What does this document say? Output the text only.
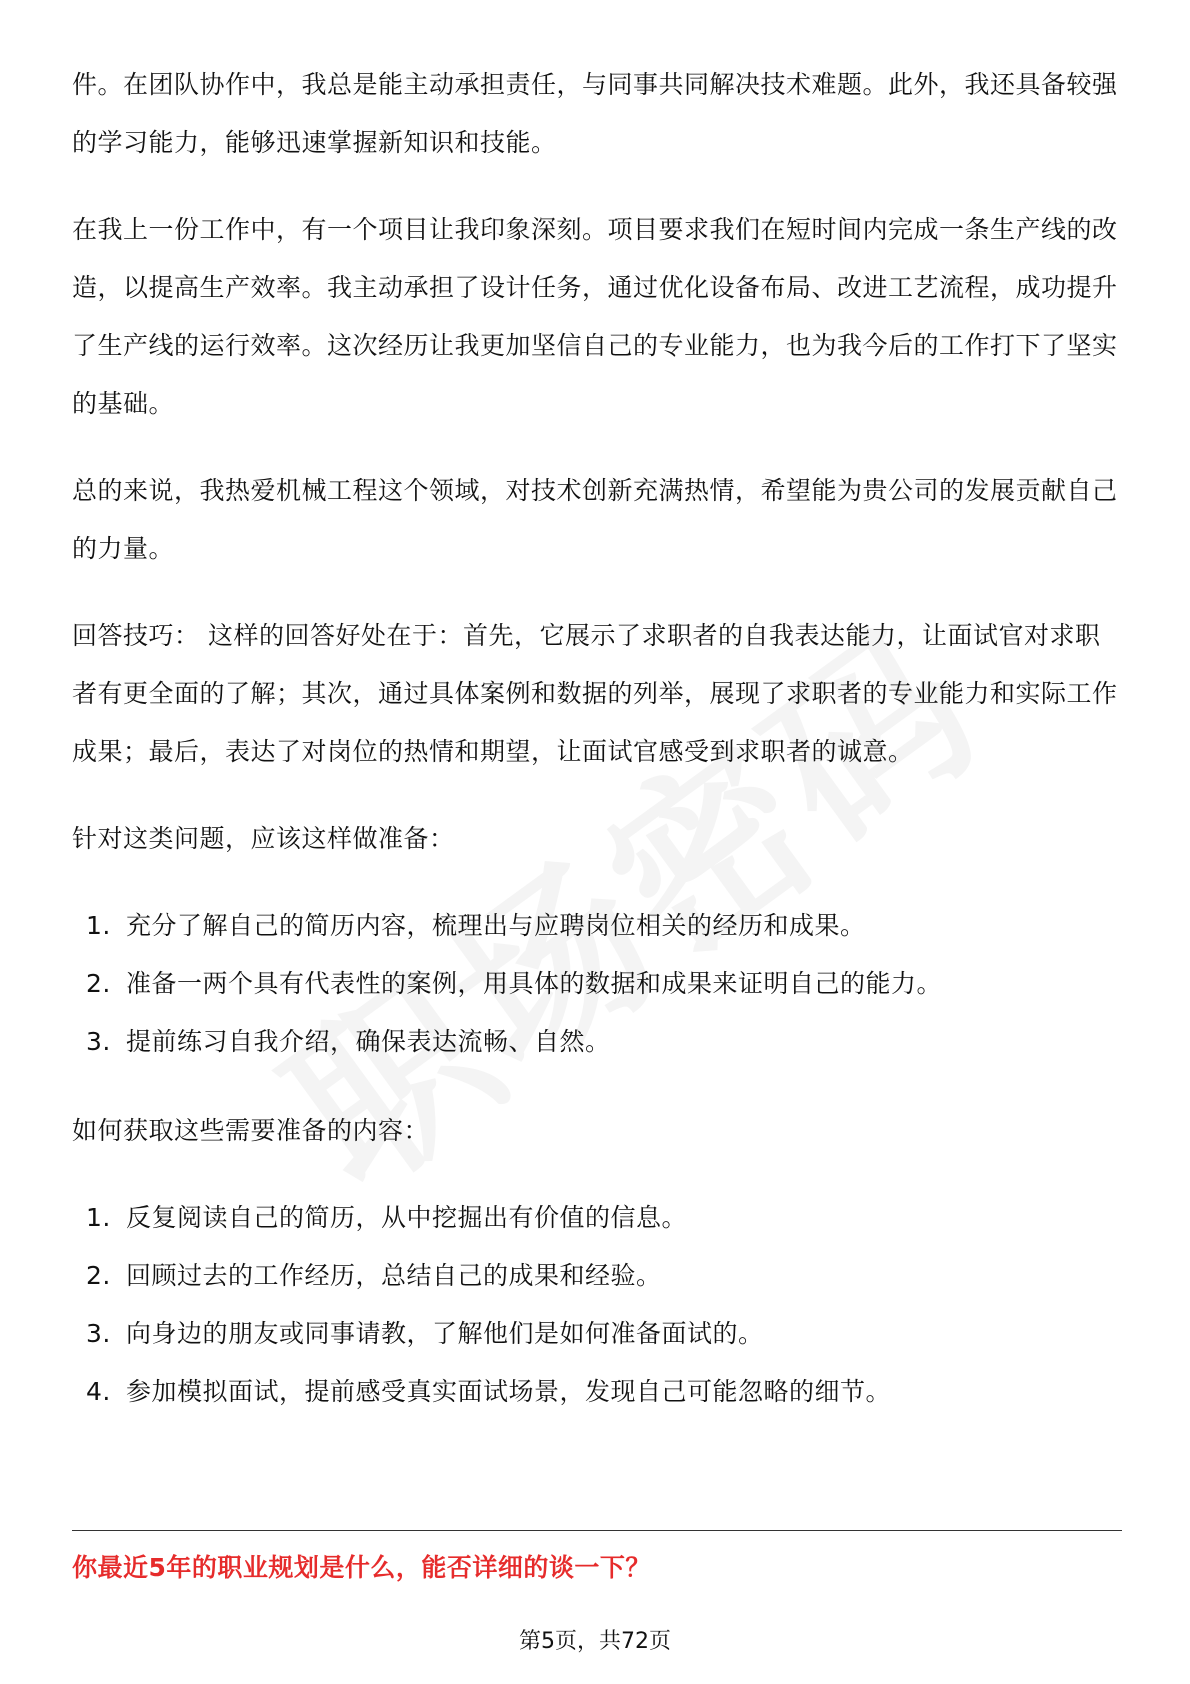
件。在团队协作中，我总是能主动承担责任，与同事共同解决技术难题。此外，我还具备较强的学习能力，能够迅速掌握新知识和技能。

在我上一份工作中，有一个项目让我印象深刻。项目要求我们在短时间内完成一条生产线的改造，以提高生产效率。我主动承担了设计任务，通过优化设备布局、改进工艺流程，成功提升了生产线的运行效率。这次经历让我更加坚信自己的专业能力，也为我今后的工作打下了坚实的基础。

总的来说，我热爱机械工程这个领域，对技术创新充满热情，希望能为贵公司的发展贡献自己的力量。

回答技巧： 这样的回答好处在于：首先，它展示了求职者的自我表达能力，让面试官对求职者有更全面的了解；其次，通过具体案例和数据的列举，展现了求职者的专业能力和实际工作成果；最后，表达了对岗位的热情和期望，让面试官感受到求职者的诚意。

针对这类问题，应该这样做准备：

1. 充分了解自己的简历内容，梳理出与应聘岗位相关的经历和成果。
2. 准备一两个具有代表性的案例，用具体的数据和成果来证明自己的能力。
3. 提前练习自我介绍，确保表达流畅、自然。

如何获取这些需要准备的内容：

1. 反复阅读自己的简历，从中挖掘出有价值的信息。
2. 回顾过去的工作经历，总结自己的成果和经验。
3. 向身边的朋友或同事请教，了解他们是如何准备面试的。
4. 参加模拟面试，提前感受真实面试场景，发现自己可能忽略的细节。
你最近5年的职业规划是什么，能否详细的谈一下？
第5页，共72页
